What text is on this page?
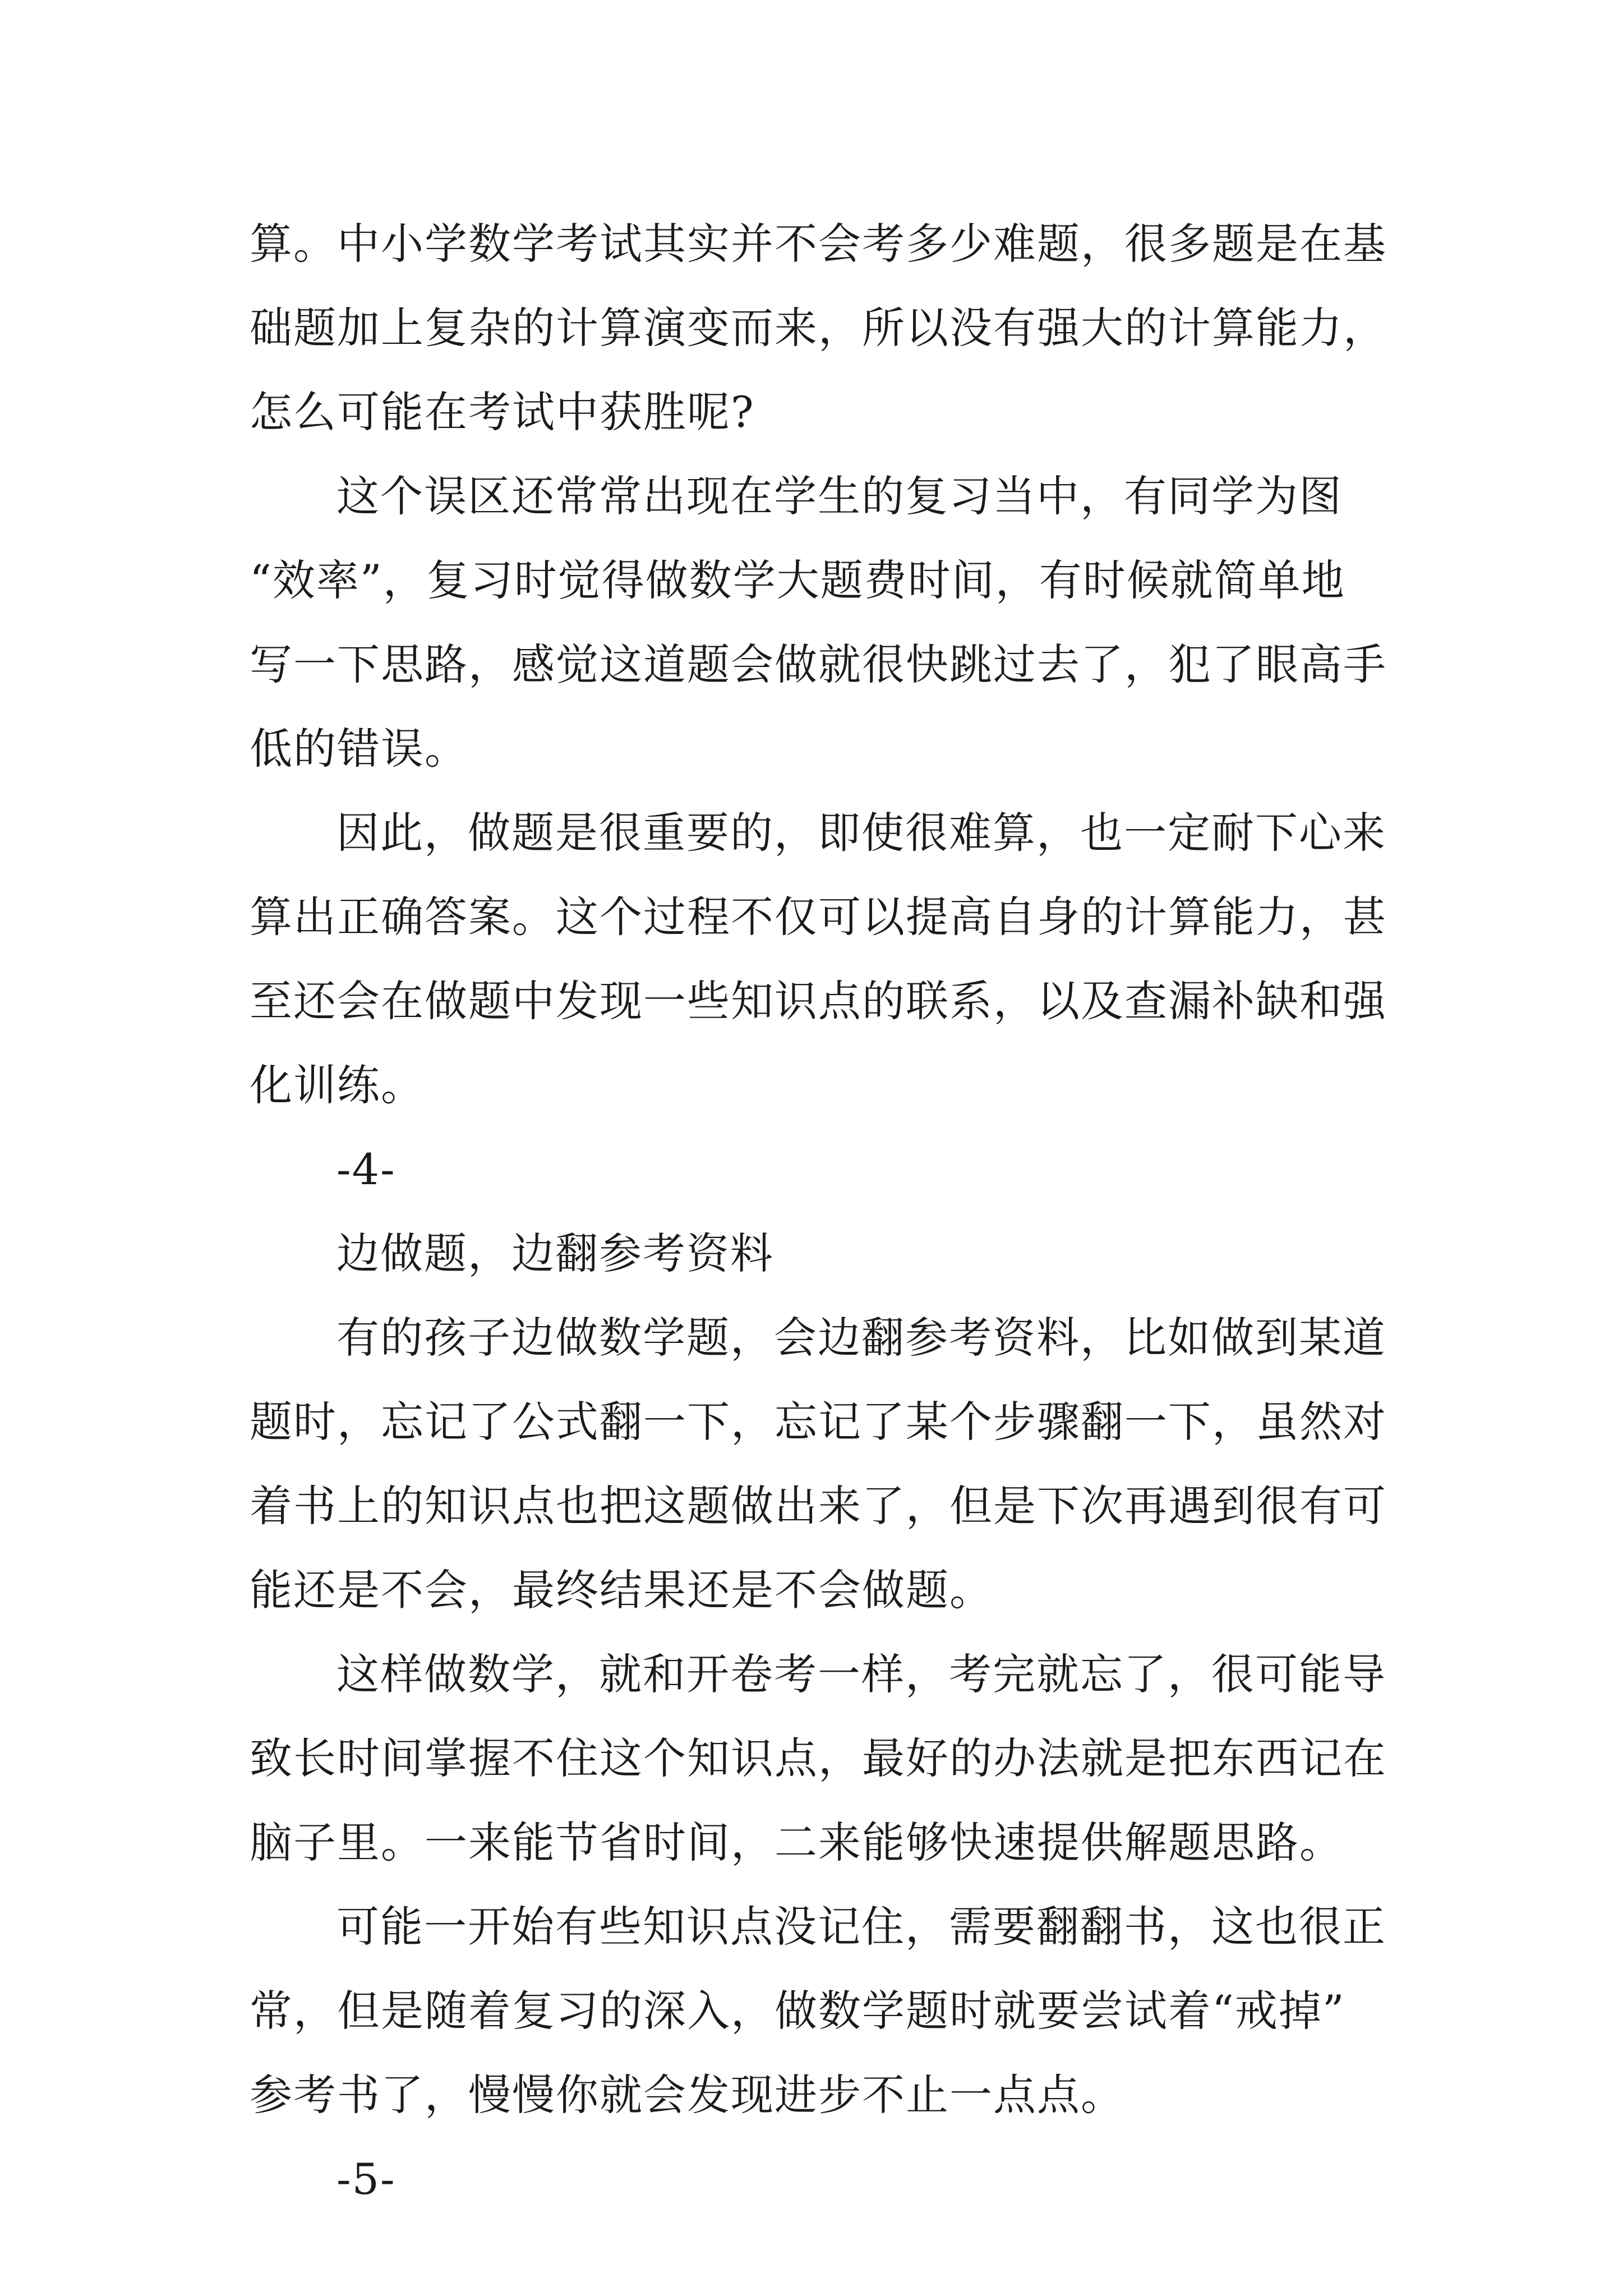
算。中小学数学考试其实并不会考多少难题，很多题是在基
础题加上复杂的计算演变而来，所以没有强大的计算能力，
怎么可能在考试中获胜呢?
这个误区还常常出现在学生的复习当中，有同学为图
“效率”，复习时觉得做数学大题费时间，有时候就简单地
写一下思路，感觉这道题会做就很快跳过去了，犯了眼高手
低的错误。
因此，做题是很重要的，即使很难算，也一定耐下心来
算出正确答案。这个过程不仅可以提高自身的计算能力，甚
至还会在做题中发现一些知识点的联系，以及查漏补缺和强
化训练。
-4-
边做题，边翻参考资料
有的孩子边做数学题，会边翻参考资料，比如做到某道
题时，忘记了公式翻一下，忘记了某个步骤翻一下，虽然对
着书上的知识点也把这题做出来了，但是下次再遇到很有可
能还是不会，最终结果还是不会做题。
这样做数学，就和开卷考一样，考完就忘了，很可能导
致长时间掌握不住这个知识点，最好的办法就是把东西记在
脑子里。一来能节省时间，二来能够快速提供解题思路。
可能一开始有些知识点没记住，需要翻翻书，这也很正
常，但是随着复习的深入，做数学题时就要尝试着“戒掉”
参考书了，慢慢你就会发现进步不止一点点。
-5-
